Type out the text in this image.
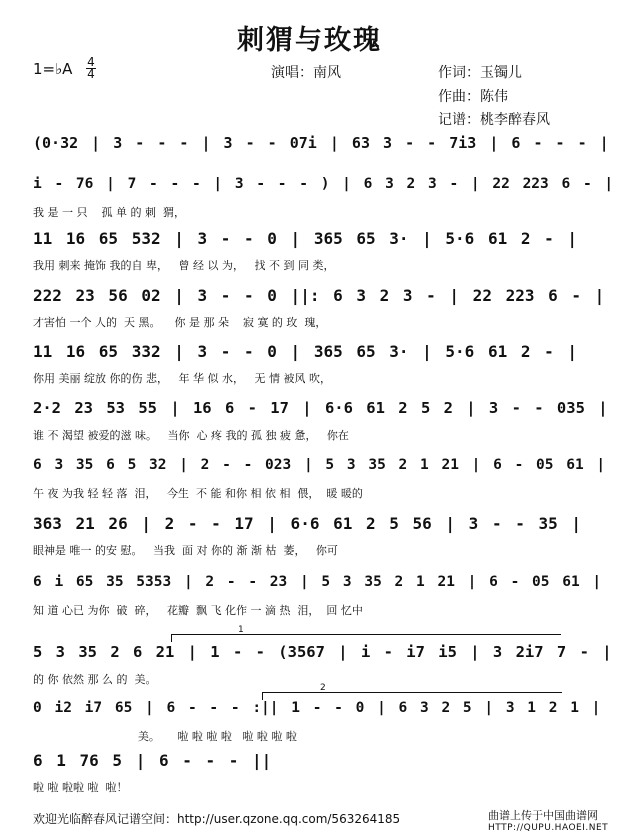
刺猬与玫瑰
1=♭A 4
4	演唱：南风	作词：玉镯儿
作曲：陈伟
记谱：桃李醉春风
(0·32 | 3 - - - | 3 - - 07i | 63 3 - - 7i3 | 6 - - - |
i - 76 | 7 - - - | 3 - - - ) | 6 3 2 3 - | 22 223 6 - |
我 是 一 只    孤 单 的 刺  猬，
11 16 65 532 | 3 - - 0 | 365 65 3· | 5·6 61 2 - |
我用 刺来 掩饰 我的自 卑，   曾 经 以 为，   找 不 到 同 类，
222 23 56 02 | 3 - - 0 ||: 6 3 2 3 - | 22 223 6 - |
才害怕 一个 人的  天 黑。    你 是 那 朵    寂 寞 的 玫  瑰，
11 16 65 332 | 3 - - 0 | 365 65 3· | 5·6 61 2 - |
你用 美丽 绽放 你的伤 悲，   年 华 似 水，   无 情 被风 吹，
2·2 23 53 55 | 16 6 - 17 | 6·6 61 2 5 2 | 3 - - 035 |
谁 不 渴望 被爱的滋 味。   当你  心 疼 我的 孤 独 疲 惫，   你在
6 3 35 6 5 32 | 2 - - 023 | 5 3 35 2 1 21 | 6 - 05 61 |
午 夜 为我 轻 轻 落  泪，   今生  不 能 和你 相 依 相  偎，  暖 暖的
363 21 26 | 2 - - 17 | 6·6 61 2 5 56 | 3 - - 35 |
眼神是 唯一 的安 慰。   当我  面 对 你的 渐 渐 枯  萎，   你可
6 i 65 35 5353 | 2 - - 23 | 5 3 35 2 1 21 | 6 - 05 61 |
知 道 心已 为你  破  碎，   花瓣  飘 飞 化作 一 滴 热  泪，  回 忆中
5 3 35 2 6 21 | 1 - - (3567 | i - i7 i5 | 3 2i7 7 - |
的 你 依然 那 么 的  美。
0 i2 i7 65 | 6 - - - :|| 1 - - 0 | 6 3 2 5 | 3 1 2 1 |
美。     啦 啦 啦 啦   啦 啦 啦 啦
6 1 76 5 | 6 - - - ||
啦 啦 啦啦 啦  啦！
1
2
欢迎光临醉春风记谱空间：http://user.qzone.qq.com/563264185	曲谱上传于中国曲谱网
HTTP://QUPU.HAOEI.NET
